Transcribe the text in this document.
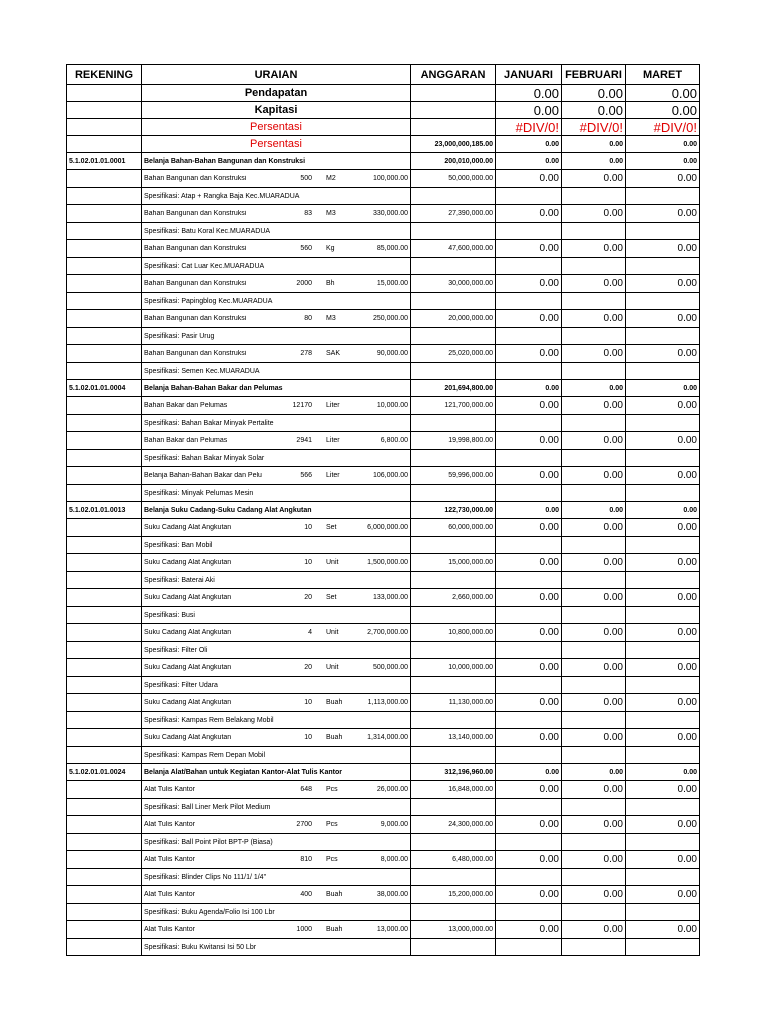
REKENING	URAIAN	ANGGARAN	JANUARI	FEBRUARI	MARET
	Pendapatan		0.00	0.00	0.00
	Kapitasi		0.00	0.00	0.00
	Persentasi		#DIV/0!	#DIV/0!	#DIV/0!
	Persentasi	23,000,000,185.00	0.00	0.00	0.00
5.1.02.01.01.0001	Belanja Bahan-Bahan Bangunan dan Konstruksi	200,010,000.00	0.00	0.00	0.00

	Bahan Bangunan dan Konstruksi 500 M2 100,000.00	50,000,000.00	0.00	0.00	0.00
	Spesifikasi: Atap + Rangka Baja Kec.MUARADUA				

	Bahan Bangunan dan Konstruksi 83 M3 330,000.00	27,390,000.00	0.00	0.00	0.00
	Spesifikasi: Batu Koral Kec.MUARADUA				

	Bahan Bangunan dan Konstruksi 560 Kg 85,000.00	47,600,000.00	0.00	0.00	0.00
	Spesifikasi: Cat Luar Kec.MUARADUA				

	Bahan Bangunan dan Konstruksi 2000 Bh 15,000.00	30,000,000.00	0.00	0.00	0.00
	Spesifikasi: Papingblog Kec.MUARADUA				

	Bahan Bangunan dan Konstruksi 80 M3 250,000.00	20,000,000.00	0.00	0.00	0.00
	Spesifikasi: Pasir Urug				

	Bahan Bangunan dan Konstruksi 278 SAK 90,000.00	25,020,000.00	0.00	0.00	0.00
	Spesifikasi: Semen Kec.MUARADUA				
5.1.02.01.01.0004	Belanja Bahan-Bahan Bakar dan Pelumas	201,694,800.00	0.00	0.00	0.00

	Bahan Bakar dan Pelumas 12170 Liter 10,000.00	121,700,000.00	0.00	0.00	0.00
	Spesifikasi: Bahan Bakar Minyak Pertalite				

	Bahan Bakar dan Pelumas 2941 Liter 6,800.00	19,998,800.00	0.00	0.00	0.00
	Spesifikasi: Bahan Bakar Minyak Solar				

	Belanja Bahan-Bahan Bakar dan Pelu 566 Liter 106,000.00	59,996,000.00	0.00	0.00	0.00
	Spesifikasi: Minyak Pelumas Mesin				
5.1.02.01.01.0013	Belanja Suku Cadang-Suku Cadang Alat Angkutan	122,730,000.00	0.00	0.00	0.00

	Suku Cadang Alat Angkutan 10 Set 6,000,000.00	60,000,000.00	0.00	0.00	0.00
	Spesifikasi: Ban Mobil				

	Suku Cadang Alat Angkutan 10 Unit 1,500,000.00	15,000,000.00	0.00	0.00	0.00
	Spesifikasi: Baterai Aki				

	Suku Cadang Alat Angkutan 20 Set 133,000.00	2,660,000.00	0.00	0.00	0.00
	Spesifikasi: Busi				

	Suku Cadang Alat Angkutan 4 Unit 2,700,000.00	10,800,000.00	0.00	0.00	0.00
	Spesifikasi: Filter Oli				

	Suku Cadang Alat Angkutan 20 Unit 500,000.00	10,000,000.00	0.00	0.00	0.00
	Spesifikasi: Filter Udara				

	Suku Cadang Alat Angkutan 10 Buah 1,113,000.00	11,130,000.00	0.00	0.00	0.00
	Spesifikasi: Kampas Rem Belakang Mobil				

	Suku Cadang Alat Angkutan 10 Buah 1,314,000.00	13,140,000.00	0.00	0.00	0.00
	Spesifikasi: Kampas Rem Depan Mobil				
5.1.02.01.01.0024	Belanja Alat/Bahan untuk Kegiatan Kantor-Alat Tulis Kantor	312,196,960.00	0.00	0.00	0.00

	Alat Tulis Kantor 648 Pcs 26,000.00	16,848,000.00	0.00	0.00	0.00
	Spesifikasi: Ball Liner Merk Pilot Medium				

	Alat Tulis Kantor 2700 Pcs 9,000.00	24,300,000.00	0.00	0.00	0.00
	Spesifikasi: Ball Point Pilot BPT-P (Biasa)				

	Alat Tulis Kantor 810 Pcs 8,000.00	6,480,000.00	0.00	0.00	0.00
	Spesifikasi: Blinder Clips No 111/1/ 1/4"				

	Alat Tulis Kantor 400 Buah 38,000.00	15,200,000.00	0.00	0.00	0.00
	Spesifikasi: Buku Agenda/Folio Isi 100 Lbr				

	Alat Tulis Kantor 1000 Buah 13,000.00	13,000,000.00	0.00	0.00	0.00
	Spesifikasi: Buku Kwitansi Isi 50 Lbr				
